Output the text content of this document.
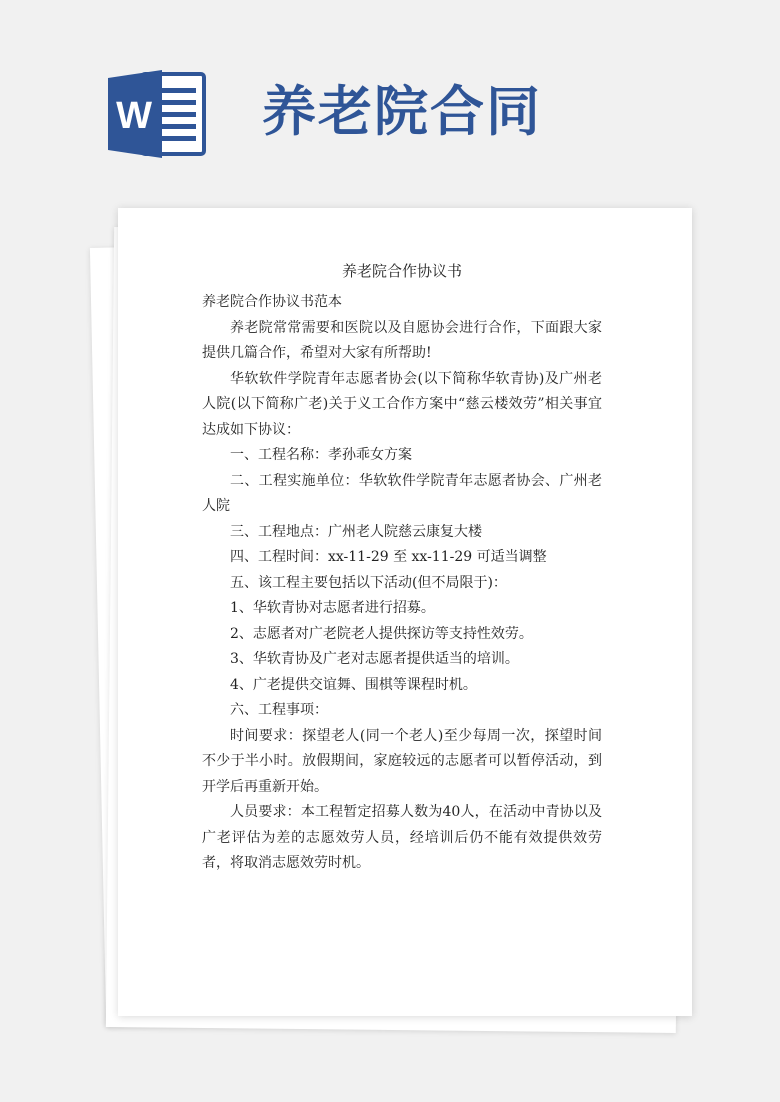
W 养老院合同
养老院合作协议书

养老院合作协议书范本

养老院常常需要和医院以及自愿协会进行合作，下面跟大家提供几篇合作，希望对大家有所帮助!

华软软件学院青年志愿者协会(以下简称华软青协)及广州老人院(以下简称广老)关于义工合作方案中“慈云楼效劳”相关事宜达成如下协议：

一、工程名称：孝孙乖女方案

二、工程实施单位：华软软件学院青年志愿者协会、广州老人院

三、工程地点：广州老人院慈云康复大楼

四、工程时间：xx-11-29 至 xx-11-29 可适当调整

五、该工程主要包括以下活动(但不局限于)：

1、华软青协对志愿者进行招募。

2、志愿者对广老院老人提供探访等支持性效劳。

3、华软青协及广老对志愿者提供适当的培训。

4、广老提供交谊舞、围棋等课程时机。

六、工程事项：

时间要求：探望老人(同一个老人)至少每周一次，探望时间不少于半小时。放假期间，家庭较远的志愿者可以暂停活动，到开学后再重新开始。

人员要求：本工程暂定招募人数为40人，在活动中青协以及广老评估为差的志愿效劳人员，经培训后仍不能有效提供效劳者，将取消志愿效劳时机。
